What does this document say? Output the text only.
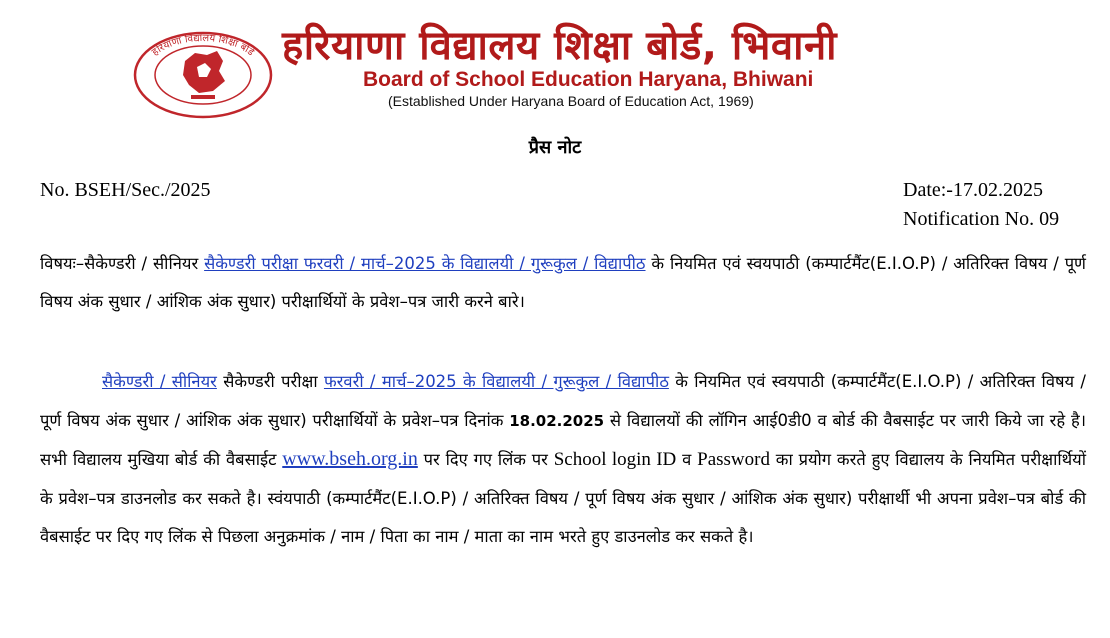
हरियाणा विद्यालय शिक्षा बोर्ड हरियाणा विद्यालय शिक्षा बोर्ड, भिवानी
Board of School Education Haryana, Bhiwani
(Established Under Haryana Board of Education Act, 1969)
प्रैस नोट
No. BSEH/Sec./2025	Date:-17.02.2025
Notification No. 09
विषयः–सैकेण्डरी / सीनियर सैकेण्डरी परीक्षा फरवरी / मार्च–2025 के विद्यालयी / गुरूकुल / विद्यापीठ के नियमित एवं स्वयपाठी (कम्पार्टमैंट(E.I.O.P) / अतिरिक्त विषय / पूर्ण विषय अंक सुधार / आंशिक अंक सुधार) परीक्षार्थियों के प्रवेश–पत्र जारी करने बारे।
सैकेण्डरी / सीनियर सैकेण्डरी परीक्षा फरवरी / मार्च–2025 के विद्यालयी / गुरूकुल / विद्यापीठ के नियमित एवं स्वयपाठी (कम्पार्टमैंट(E.I.O.P) / अतिरिक्त विषय / पूर्ण विषय अंक सुधार / आंशिक अंक सुधार) परीक्षार्थियों के प्रवेश–पत्र दिनांक 18.02.2025 से विद्यालयों की लॉगिन आई0डी0 व बोर्ड की वैबसाईट पर जारी किये जा रहे है। सभी विद्यालय मुखिया बोर्ड की वैबसाईट www.bseh.org.in पर दिए गए लिंक पर School login ID व Password का प्रयोग करते हुए विद्यालय के नियमित परीक्षार्थियों के प्रवेश–पत्र डाउनलोड कर सकते है। स्वंयपाठी (कम्पार्टमैंट(E.I.O.P) / अतिरिक्त विषय / पूर्ण विषय अंक सुधार / आंशिक अंक सुधार) परीक्षार्थी भी अपना प्रवेश–पत्र बोर्ड की वैबसाईट पर दिए गए लिंक से पिछला अनुक्रमांक / नाम / पिता का नाम / माता का नाम भरते हुए डाउनलोड कर सकते है।
